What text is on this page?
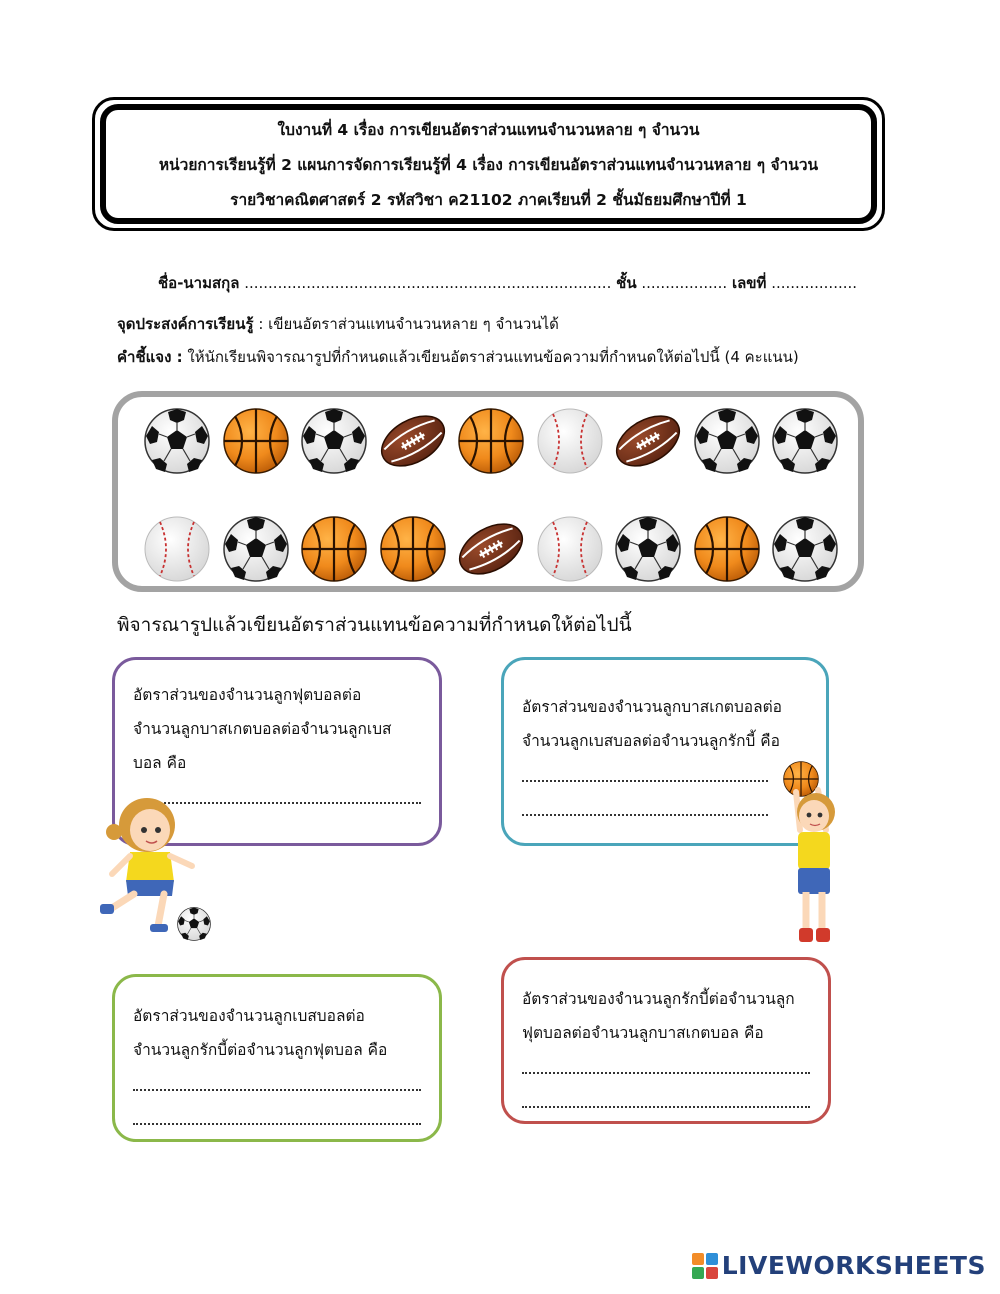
ใบงานที่ 4 เรื่อง การเขียนอัตราส่วนแทนจำนวนหลาย ๆ จำนวน
หน่วยการเรียนรู้ที่ 2 แผนการจัดการเรียนรู้ที่ 4 เรื่อง การเขียนอัตราส่วนแทนจำนวนหลาย ๆ จำนวน
รายวิชาคณิตศาสตร์ 2 รหัสวิชา ค21102 ภาคเรียนที่ 2 ชั้นมัธยมศึกษาปีที่ 1
ชื่อ-นามสกุล ............................................................................. ชั้น .................. เลขที่ ..................
จุดประสงค์การเรียนรู้ : เขียนอัตราส่วนแทนจำนวนหลาย ๆ จำนวนได้
คำชี้แจง : ให้นักเรียนพิจารณารูปที่กำหนดแล้วเขียนอัตราส่วนแทนข้อความที่กำหนดให้ต่อไปนี้ (4 คะแนน)
พิจารณารูปแล้วเขียนอัตราส่วนแทนข้อความที่กำหนดให้ต่อไปนี้
อัตราส่วนของจำนวนลูกฟุตบอลต่อ
จำนวนลูกบาสเกตบอลต่อจำนวนลูกเบส
บอล คือ
อัตราส่วนของจำนวนลูกบาสเกตบอลต่อ
จำนวนลูกเบสบอลต่อจำนวนลูกรักบี้ คือ
อัตราส่วนของจำนวนลูกเบสบอลต่อ
จำนวนลูกรักบี้ต่อจำนวนลูกฟุตบอล คือ
อัตราส่วนของจำนวนลูกรักบี้ต่อจำนวนลูก
ฟุตบอลต่อจำนวนลูกบาสเกตบอล คือ
LIVEWORKSHEETS
